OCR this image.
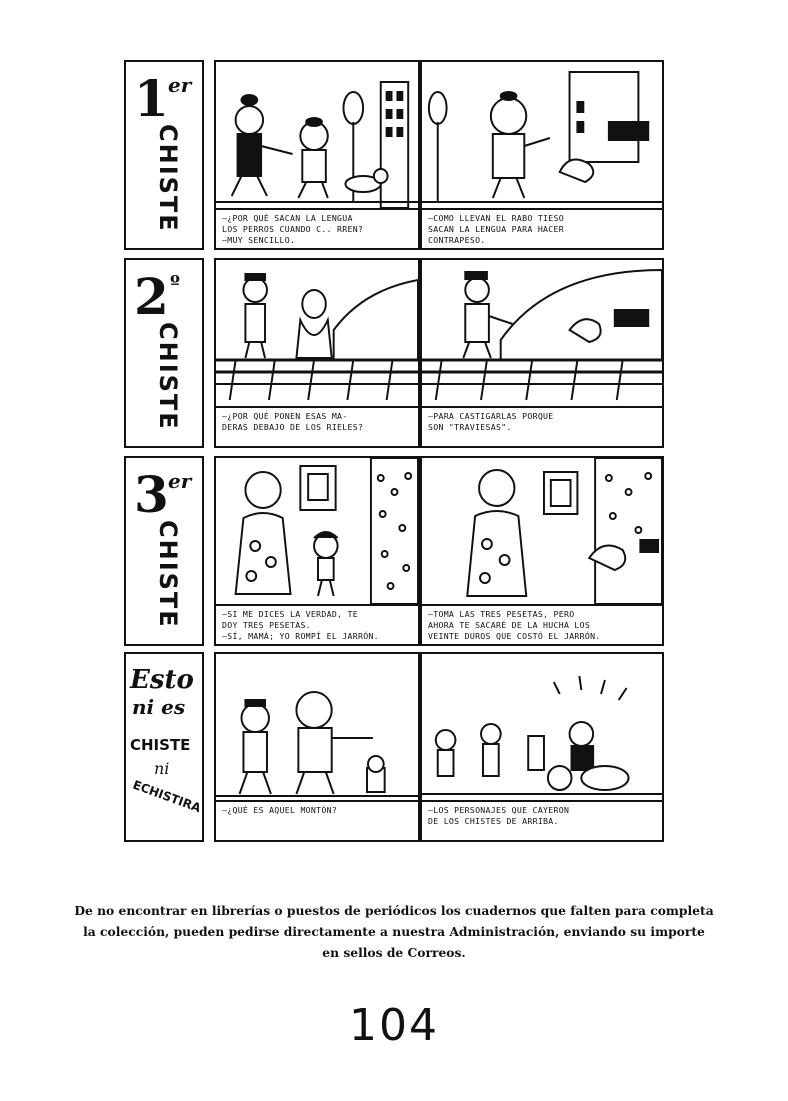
1 er
CHISTE	–¿POR QUÉ SACAN LA LENGUA
LOS PERROS CUANDO C.. RREN?
–MUY SENCILLO.
–COMO LLEVAN EL RABO TIESO
SACAN LA LENGUA PARA HACER
CONTRAPESO.
2 º
CHISTE	–¿POR QUÉ PONEN ESAS MA-
DERAS DEBAJO DE LOS RIELES?
–PARA CASTIGARLAS PORQUE
SON "TRAVIESAS".
3 er
CHISTE	–SI ME DICES LA VERDAD, TE
DOY TRES PESETAS.
–SÍ, MAMÁ; YO ROMPÍ EL JARRÓN.
–TOMA LAS TRES PESETAS, PERO
AHORA TE SACARÉ DE LA HUCHA LOS
VEINTE DUROS QUE COSTÓ EL JARRÓN.
Esto
ni es
CHISTE
ni
ECHISTIRA –¿QUÉ ES AQUEL MONTÓN?	–LOS PERSONAJES QUE CAYERON
DE LOS CHISTES DE ARRIBA.
De no encontrar en librerías o puestos de periódicos los cuadernos que falten para completa
la colección, pueden pedirse directamente a nuestra Administración, enviando su importe
en sellos de Correos.
104
